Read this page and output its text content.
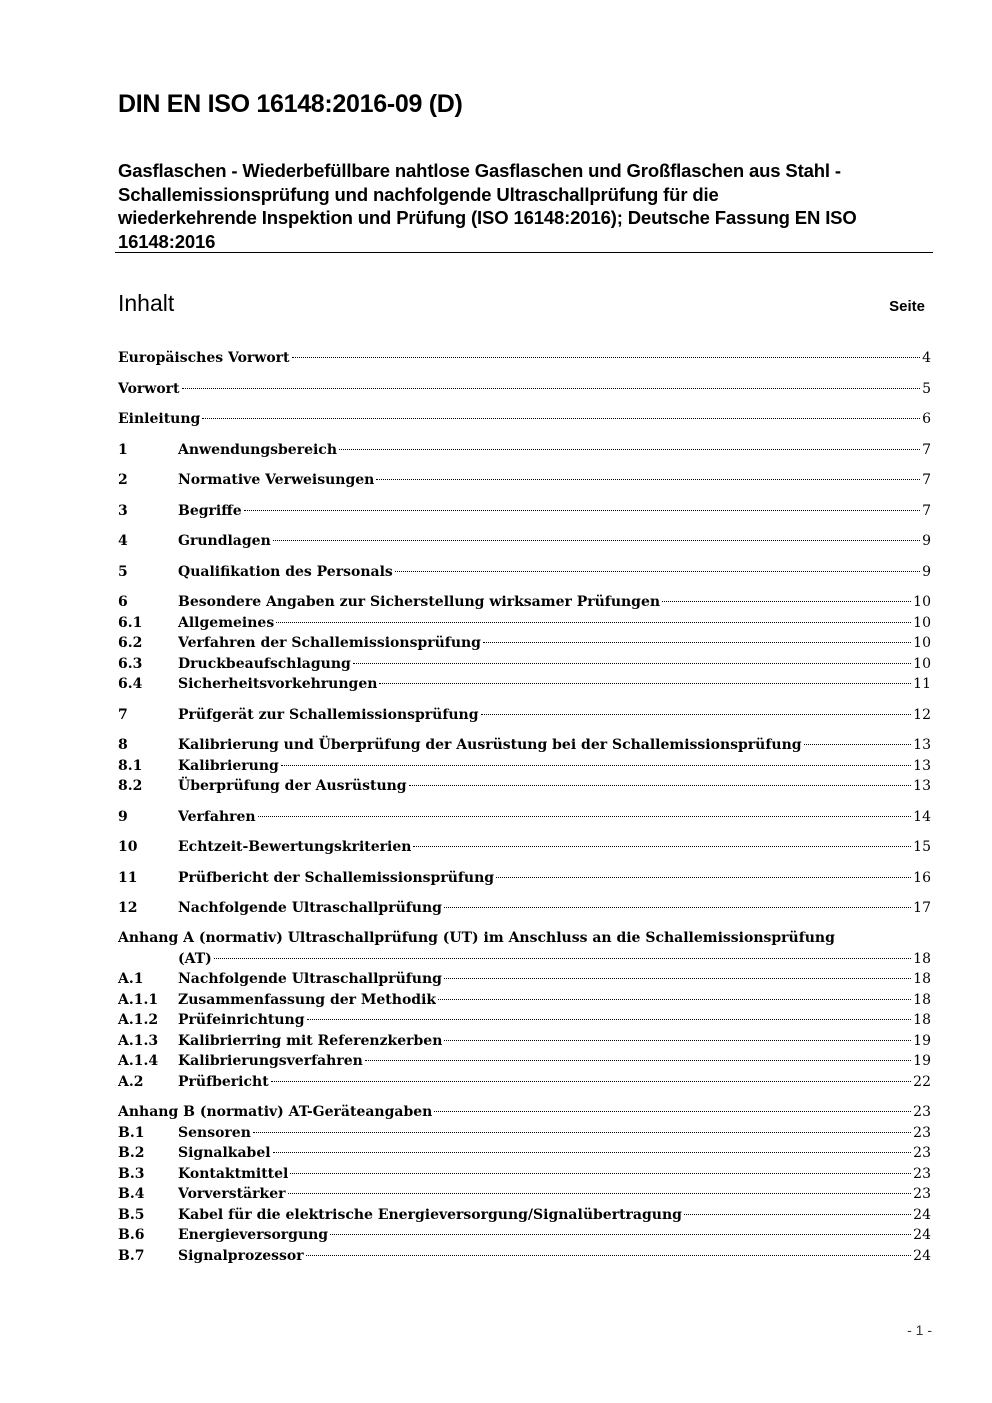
DIN EN ISO 16148:2016-09 (D)
Gasflaschen - Wiederbefüllbare nahtlose Gasflaschen und Großflaschen aus Stahl -
Schallemissionsprüfung und nachfolgende Ultraschallprüfung für die
wiederkehrende Inspektion und Prüfung (ISO 16148:2016); Deutsche Fassung EN ISO
16148:2016
Inhalt	Seite
Europäisches Vorwort	4
Vorwort	5
Einleitung	6
1	Anwendungsbereich	7
2	Normative Verweisungen	7
3	Begriffe	7
4	Grundlagen	9
5	Qualifikation des Personals	9
6	Besondere Angaben zur Sicherstellung wirksamer Prüfungen	10
6.1	Allgemeines	10
6.2	Verfahren der Schallemissionsprüfung	10
6.3	Druckbeaufschlagung	10
6.4	Sicherheitsvorkehrungen	11
7	Prüfgerät zur Schallemissionsprüfung	12
8	Kalibrierung und Überprüfung der Ausrüstung bei der Schallemissionsprüfung	13
8.1	Kalibrierung	13
8.2	Überprüfung der Ausrüstung	13
9	Verfahren	14
10	Echtzeit-Bewertungskriterien	15
11	Prüfbericht der Schallemissionsprüfung	16
12	Nachfolgende Ultraschallprüfung	17
Anhang A (normativ) Ultraschallprüfung (UT) im Anschluss an die Schallemissionsprüfung
(AT)	18
A.1	Nachfolgende Ultraschallprüfung	18
A.1.1	Zusammenfassung der Methodik	18
A.1.2	Prüfeinrichtung	18
A.1.3	Kalibrierring mit Referenzkerben	19
A.1.4	Kalibrierungsverfahren	19
A.2	Prüfbericht	22
Anhang B (normativ) AT-Geräteangaben	23
B.1	Sensoren	23
B.2	Signalkabel	23
B.3	Kontaktmittel	23
B.4	Vorverstärker	23
B.5	Kabel für die elektrische Energieversorgung/Signalübertragung	24
B.6	Energieversorgung	24
B.7	Signalprozessor	24
- 1 -
